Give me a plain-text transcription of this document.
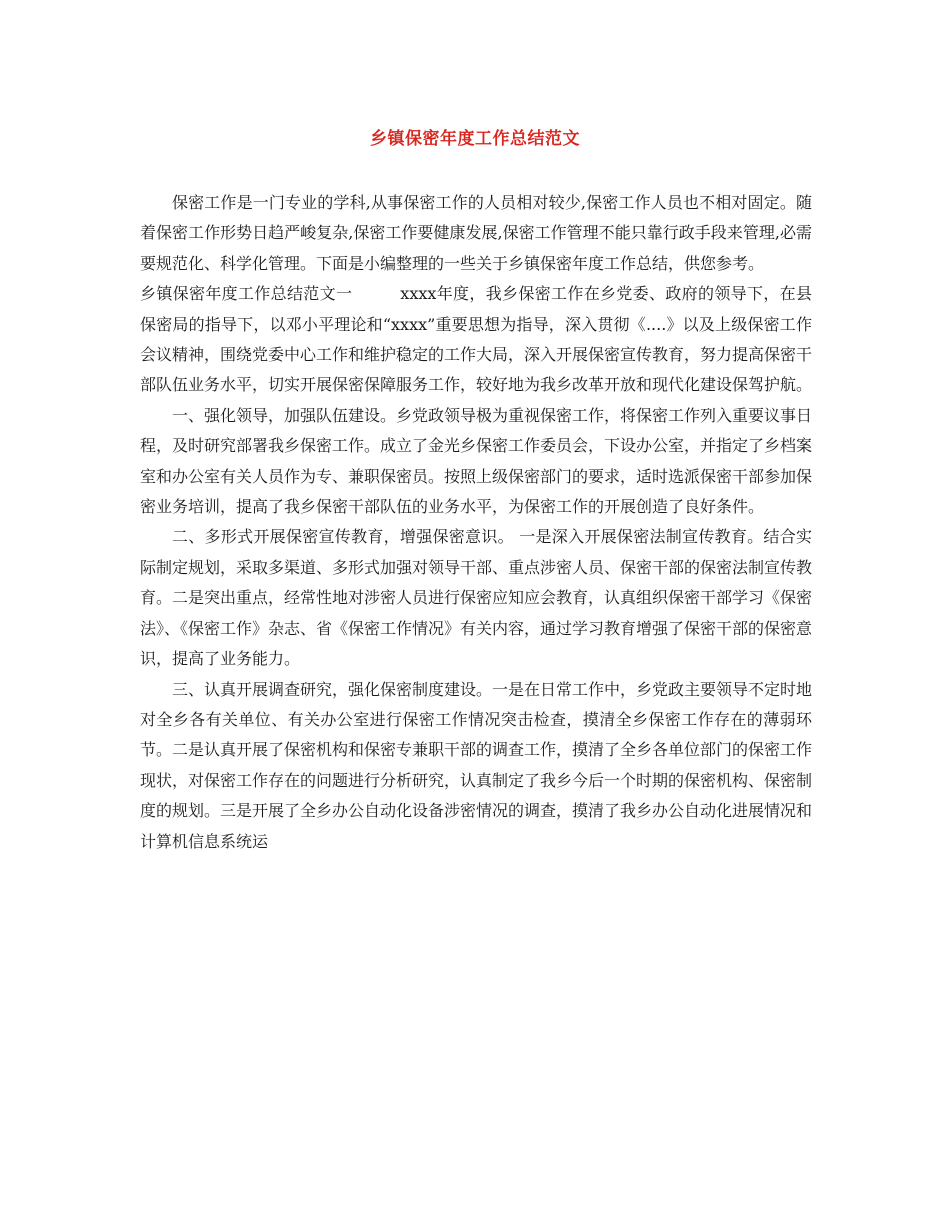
乡镇保密年度工作总结范文

保密工作是一门专业的学科,从事保密工作的人员相对较少,保密工作人员也不相对固定。随着保密工作形势日趋严峻复杂,保密工作要健康发展,保密工作管理不能只靠行政手段来管理,必需要规范化、科学化管理。下面是小编整理的一些关于乡镇保密年度工作总结，供您参考。

乡镇保密年度工作总结范文一	xxxx年度，我乡保密工作在乡党委、政府的领导下，在县保密局的指导下，以邓小平理论和“xxxx”重要思想为指导，深入贯彻《....》以及上级保密工作会议精神，围绕党委中心工作和维护稳定的工作大局，深入开展保密宣传教育，努力提高保密干部队伍业务水平，切实开展保密保障服务工作，较好地为我乡改革开放和现代化建设保驾护航。

一、强化领导，加强队伍建设。乡党政领导极为重视保密工作，将保密工作列入重要议事日程，及时研究部署我乡保密工作。成立了金光乡保密工作委员会，下设办公室，并指定了乡档案室和办公室有关人员作为专、兼职保密员。按照上级保密部门的要求，适时选派保密干部参加保密业务培训，提高了我乡保密干部队伍的业务水平，为保密工作的开展创造了良好条件。

二、多形式开展保密宣传教育，增强保密意识。 一是深入开展保密法制宣传教育。结合实际制定规划，采取多渠道、多形式加强对领导干部、重点涉密人员、保密干部的保密法制宣传教育。二是突出重点，经常性地对涉密人员进行保密应知应会教育，认真组织保密干部学习《保密法》、《保密工作》杂志、省《保密工作情况》有关内容，通过学习教育增强了保密干部的保密意识，提高了业务能力。

三、认真开展调查研究，强化保密制度建设。一是在日常工作中，乡党政主要领导不定时地对全乡各有关单位、有关办公室进行保密工作情况突击检查，摸清全乡保密工作存在的薄弱环节。二是认真开展了保密机构和保密专兼职干部的调查工作，摸清了全乡各单位部门的保密工作现状，对保密工作存在的问题进行分析研究，认真制定了我乡今后一个时期的保密机构、保密制度的规划。三是开展了全乡办公自动化设备涉密情况的调查，摸清了我乡办公自动化进展情况和计算机信息系统运
